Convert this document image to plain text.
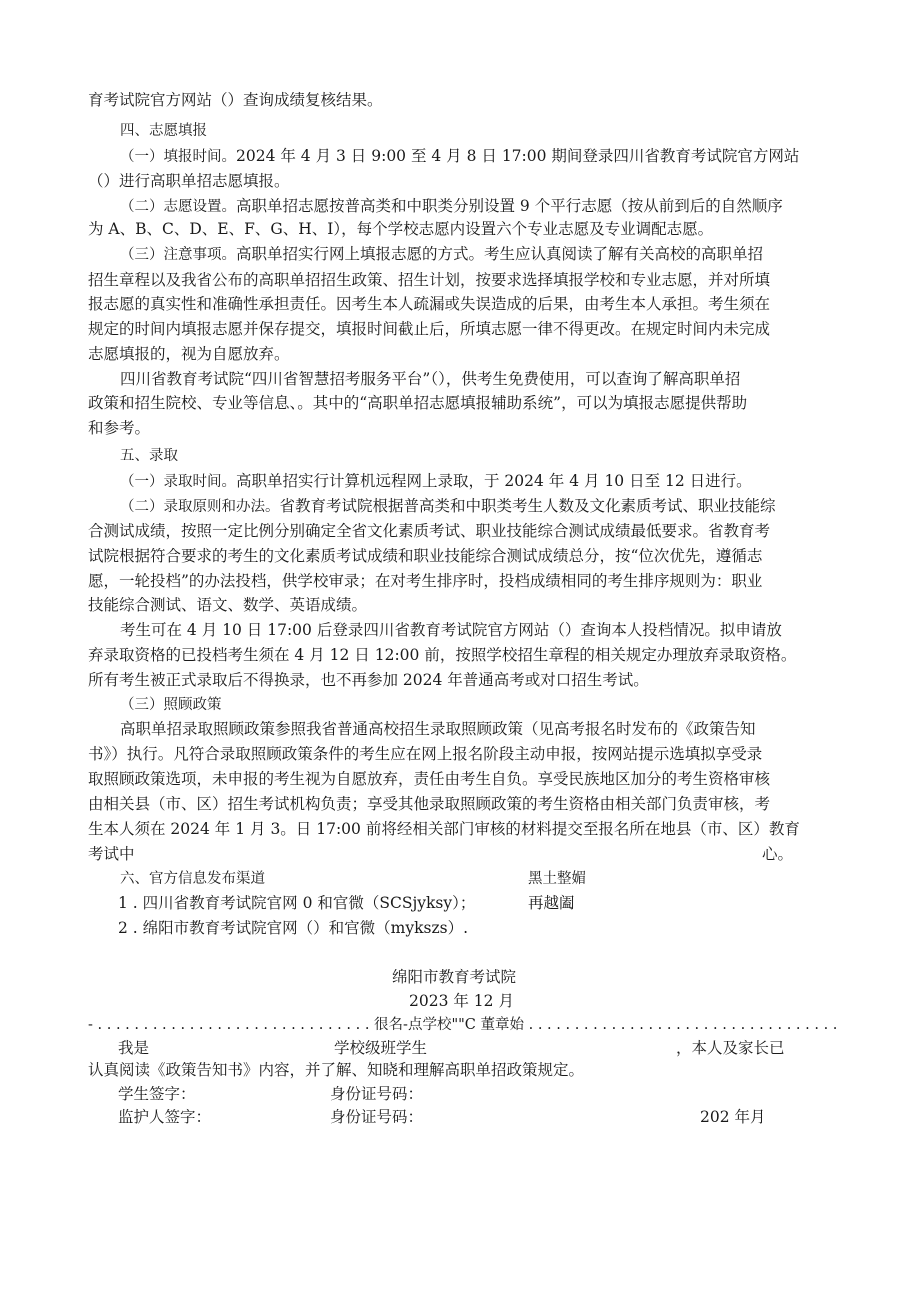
育考试院官方网站（）查询成绩复核结果。
四、志愿填报
（一）填报时间。2024 年 4 月 3 日 9:00 至 4 月 8 日 17:00 期间登录四川省教育考试院官方网站
（）进行高职单招志愿填报。
（二）志愿设置。高职单招志愿按普高类和中职类分别设置 9 个平行志愿（按从前到后的自然顺序
为 A、B、C、D、E、F、G、H、I），每个学校志愿内设置六个专业志愿及专业调配志愿。
（三）注意事项。高职单招实行网上填报志愿的方式。考生应认真阅读了解有关高校的高职单招
招生章程以及我省公布的高职单招招生政策、招生计划，按要求选择填报学校和专业志愿，并对所填
报志愿的真实性和准确性承担责任。因考生本人疏漏或失误造成的后果，由考生本人承担。考生须在
规定的时间内填报志愿并保存提交，填报时间截止后，所填志愿一律不得更改。在规定时间内未完成
志愿填报的，视为自愿放弃。
四川省教育考试院“四川省智慧招考服务平台”（），供考生免费使用，可以查询了解高职单招
政策和招生院校、专业等信息、。其中的“高职单招志愿填报辅助系统”，可以为填报志愿提供帮助
和参考。
五、录取
（一）录取时间。高职单招实行计算机远程网上录取，于 2024 年 4 月 10 日至 12 日进行。
（二）录取原则和办法。省教育考试院根据普高类和中职类考生人数及文化素质考试、职业技能综
合测试成绩，按照一定比例分别确定全省文化素质考试、职业技能综合测试成绩最低要求。省教育考
试院根据符合要求的考生的文化素质考试成绩和职业技能综合测试成绩总分，按“位次优先，遵循志
愿，一轮投档”的办法投档，供学校审录；在对考生排序时，投档成绩相同的考生排序规则为：职业
技能综合测试、语文、数学、英语成绩。
考生可在 4 月 10 日 17:00 后登录四川省教育考试院官方网站（）查询本人投档情况。拟申请放
弃录取资格的已投档考生须在 4 月 12 日 12:00 前，按照学校招生章程的相关规定办理放弃录取资格。
所有考生被正式录取后不得换录，也不再参加 2024 年普通高考或对口招生考试。
（三）照顾政策
高职单招录取照顾政策参照我省普通高校招生录取照顾政策（见高考报名时发布的《政策告知
书》）执行。凡符合录取照顾政策条件的考生应在网上报名阶段主动申报，按网站提示选填拟享受录
取照顾政策选项，未申报的考生视为自愿放弃，责任由考生自负。享受民族地区加分的考生资格审核
由相关县（市、区）招生考试机构负责；享受其他录取照顾政策的考生资格由相关部门负责审核，考
生本人须在 2024 年 1 月 3。日 17:00 前将经相关部门审核的材料提交至报名所在地县（市、区）教育
考试中	心。
六、官方信息发布渠道	黑土整媚
1 . 四川省教育考试院官网 0 和官微（SCSjyksy）；	再越阖
2 . 绵阳市教育考试院官网（）和官微（mykszs）.
绵阳市教育考试院
2023 年 12 月
- . . . . . . . . . . . . . . . . . . . . . . . . . . . . . . 很名-点学校""C 董章始 . . . . . . . . . . . . . . . . . . . . . . . . . . . . . . . . . .
我是	学校级班学生	，本人及家长已
认真阅读《政策告知书》内容，并了解、知晓和理解高职单招政策规定。
学生签字：	身份证号码：
监护人签字：	身份证号码：	202 年月
